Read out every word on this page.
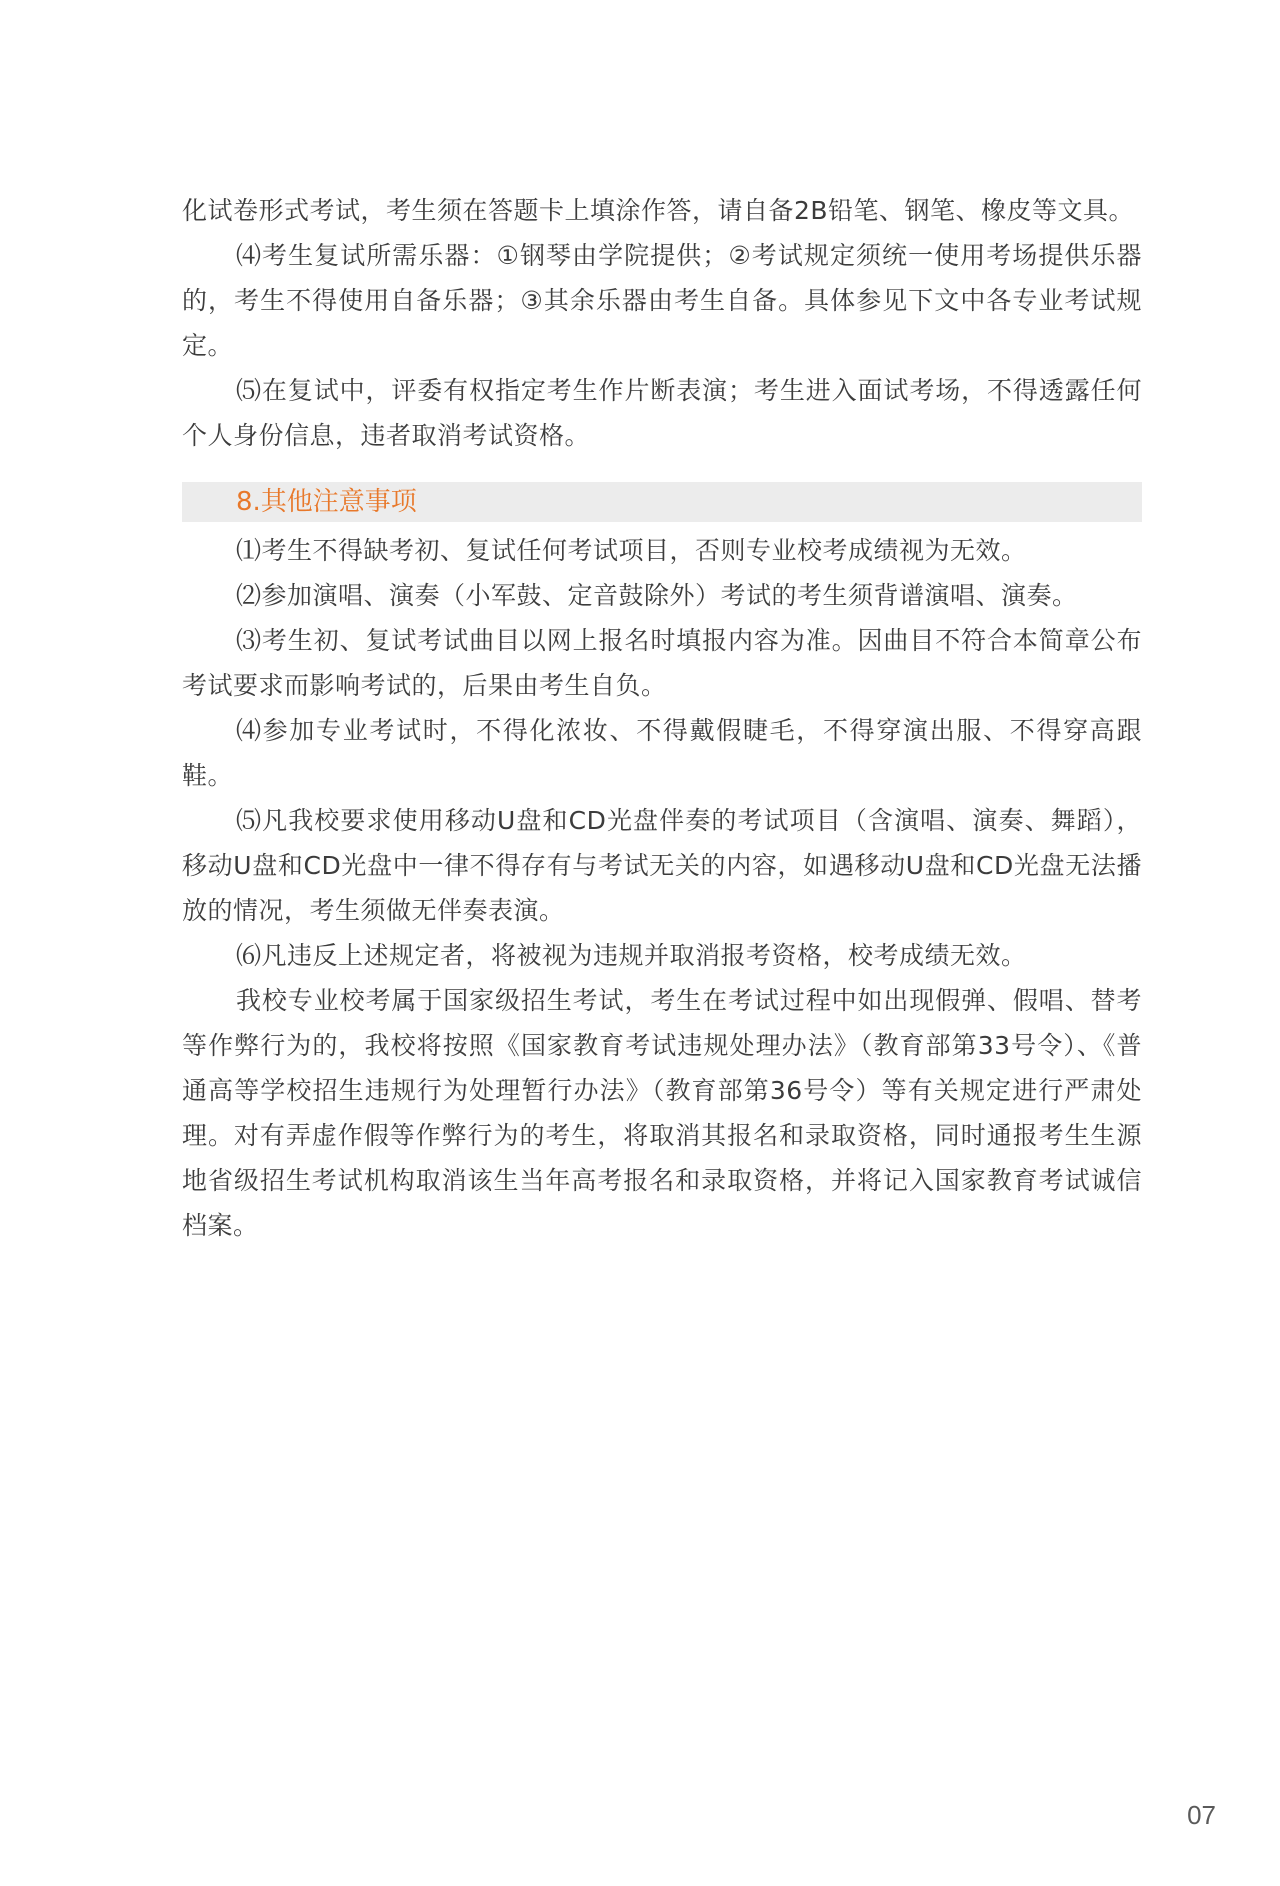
化试卷形式考试，考生须在答题卡上填涂作答，请自备2B铅笔、钢笔、橡皮等文具。

⑷考生复试所需乐器：①钢琴由学院提供；②考试规定须统一使用考场提供乐器的，考生不得使用自备乐器；③其余乐器由考生自备。具体参见下文中各专业考试规定。

⑸在复试中，评委有权指定考生作片断表演；考生进入面试考场，不得透露任何个人身份信息，违者取消考试资格。

8.其他注意事项

⑴考生不得缺考初、复试任何考试项目，否则专业校考成绩视为无效。

⑵参加演唱、演奏（小军鼓、定音鼓除外）考试的考生须背谱演唱、演奏。

⑶考生初、复试考试曲目以网上报名时填报内容为准。因曲目不符合本简章公布考试要求而影响考试的，后果由考生自负。

⑷参加专业考试时，不得化浓妆、不得戴假睫毛，不得穿演出服、不得穿高跟鞋。

⑸凡我校要求使用移动U盘和CD光盘伴奏的考试项目（含演唱、演奏、舞蹈），移动U盘和CD光盘中一律不得存有与考试无关的内容，如遇移动U盘和CD光盘无法播放的情况，考生须做无伴奏表演。

⑹凡违反上述规定者，将被视为违规并取消报考资格，校考成绩无效。

我校专业校考属于国家级招生考试，考生在考试过程中如出现假弹、假唱、替考等作弊行为的，我校将按照《国家教育考试违规处理办法》（教育部第33号令）、《普通高等学校招生违规行为处理暂行办法》（教育部第36号令）等有关规定进行严肃处理。对有弄虚作假等作弊行为的考生，将取消其报名和录取资格，同时通报考生生源地省级招生考试机构取消该生当年高考报名和录取资格，并将记入国家教育考试诚信档案。

07
